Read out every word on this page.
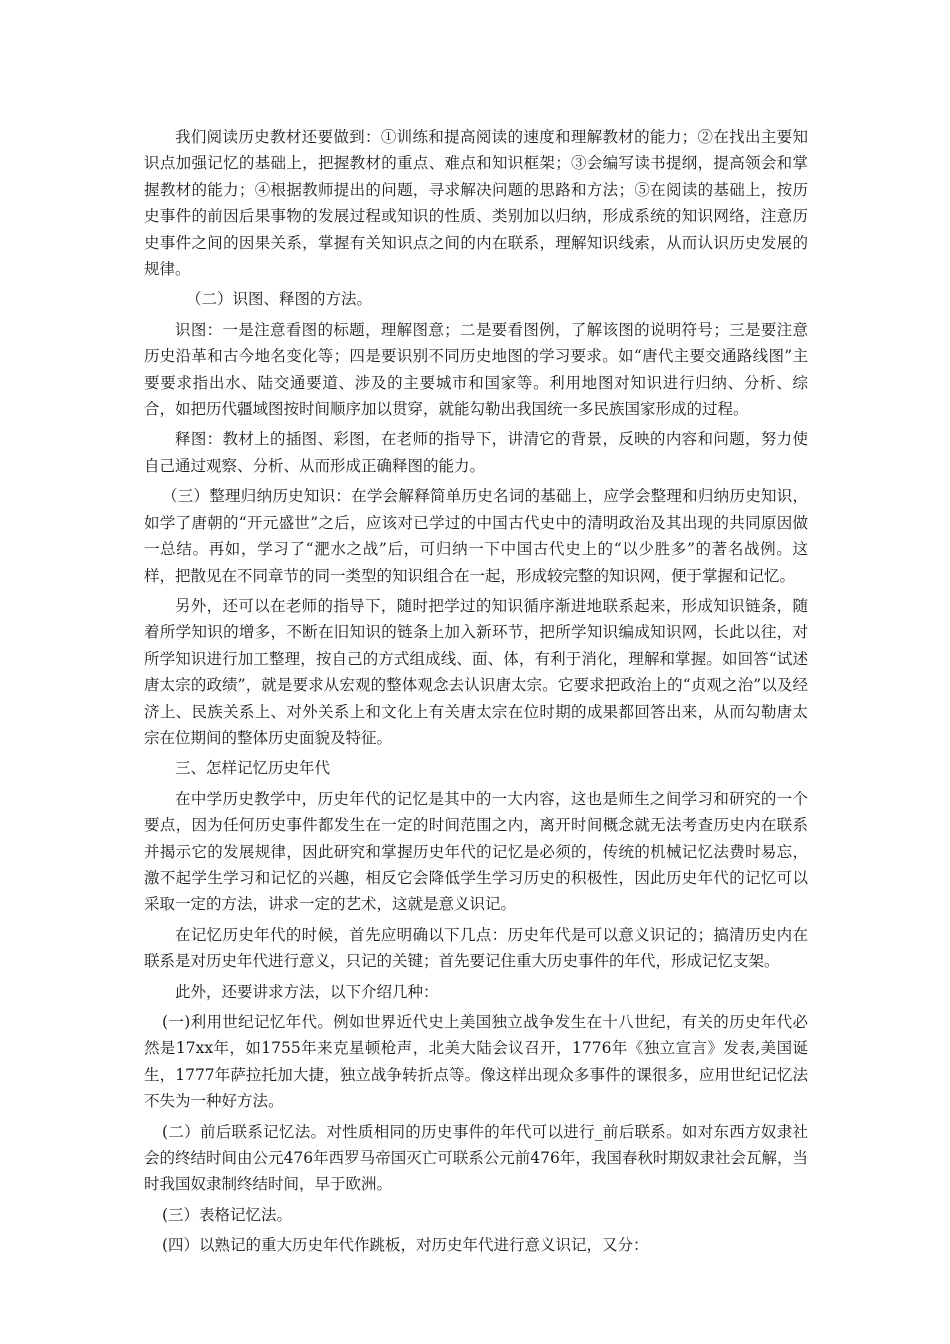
我们阅读历史教材还要做到：①训练和提高阅读的速度和理解教材的能力；②在找出主要知识点加强记忆的基础上，把握教材的重点、难点和知识框架；③会编写读书提纲，提高领会和掌握教材的能力；④根据教师提出的问题，寻求解决问题的思路和方法；⑤在阅读的基础上，按历史事件的前因后果事物的发展过程或知识的性质、类别加以归纳，形成系统的知识网络，注意历史事件之间的因果关系，掌握有关知识点之间的内在联系，理解知识线索，从而认识历史发展的规律。

（二）识图、释图的方法。

识图：一是注意看图的标题，理解图意；二是要看图例，了解该图的说明符号；三是要注意历史沿革和古今地名变化等；四是要识别不同历史地图的学习要求。如“唐代主要交通路线图”主要要求指出水、陆交通要道、涉及的主要城市和国家等。利用地图对知识进行归纳、分析、综合，如把历代疆域图按时间顺序加以贯穿，就能勾勒出我国统一多民族国家形成的过程。

释图：教材上的插图、彩图，在老师的指导下，讲清它的背景，反映的内容和问题，努力使自己通过观察、分析、从而形成正确释图的能力。

（三）整理归纳历史知识：在学会解释简单历史名词的基础上，应学会整理和归纳历史知识，如学了唐朝的“开元盛世”之后，应该对已学过的中国古代史中的清明政治及其出现的共同原因做一总结。再如，学习了“淝水之战”后，可归纳一下中国古代史上的“以少胜多”的著名战例。这样，把散见在不同章节的同一类型的知识组合在一起，形成较完整的知识网，便于掌握和记忆。

另外，还可以在老师的指导下，随时把学过的知识循序渐进地联系起来，形成知识链条，随着所学知识的增多，不断在旧知识的链条上加入新环节，把所学知识编成知识网，长此以往，对所学知识进行加工整理，按自己的方式组成线、面、体，有利于消化，理解和掌握。如回答“试述唐太宗的政绩”，就是要求从宏观的整体观念去认识唐太宗。它要求把政治上的“贞观之治”以及经济上、民族关系上、对外关系上和文化上有关唐太宗在位时期的成果都回答出来，从而勾勒唐太宗在位期间的整体历史面貌及特征。

三、怎样记忆历史年代

在中学历史教学中，历史年代的记忆是其中的一大内容，这也是师生之间学习和研究的一个要点，因为任何历史事件都发生在一定的时间范围之内，离开时间概念就无法考查历史内在联系并揭示它的发展规律，因此研究和掌握历史年代的记忆是必须的，传统的机械记忆法费时易忘，激不起学生学习和记忆的兴趣，相反它会降低学生学习历史的积极性，因此历史年代的记忆可以采取一定的方法，讲求一定的艺术，这就是意义识记。

在记忆历史年代的时候，首先应明确以下几点：历史年代是可以意义识记的；搞清历史内在联系是对历史年代进行意义，只记的关键；首先要记住重大历史事件的年代，形成记忆支架。

此外，还要讲求方法，以下介绍几种：

(一)利用世纪记忆年代。例如世界近代史上美国独立战争发生在十八世纪，有关的历史年代必然是17xx年，如1755年来克星顿枪声，北美大陆会议召开，1776年《独立宣言》发表,美国诞生，1777年萨拉托加大捷，独立战争转折点等。像这样出现众多事件的课很多，应用世纪记忆法不失为一种好方法。

(二）前后联系记忆法。对性质相同的历史事件的年代可以进行_前后联系。如对东西方奴隶社会的终结时间由公元476年西罗马帝国灭亡可联系公元前476年，我国春秋时期奴隶社会瓦解，当时我国奴隶制终结时间，早于欧洲。

(三）表格记忆法。

(四）以熟记的重大历史年代作跳板，对历史年代进行意义识记，又分：
